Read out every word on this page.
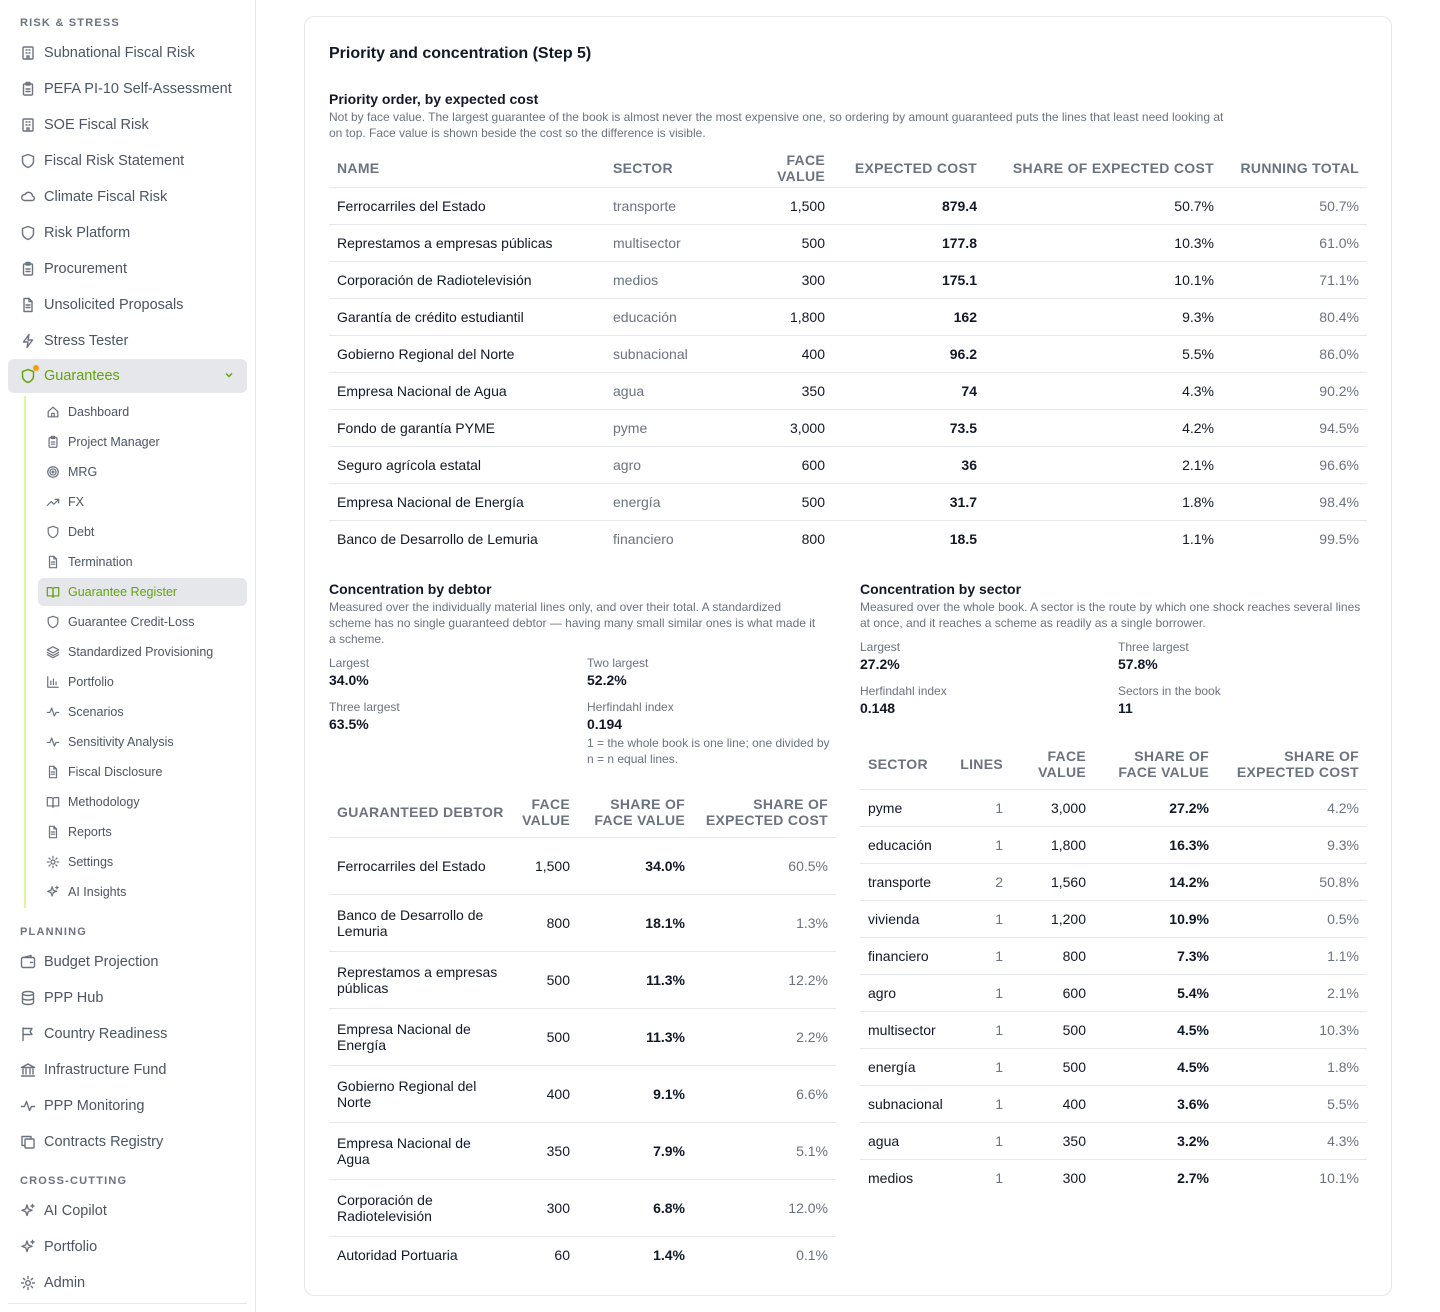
RISK & STRESS
Subnational Fiscal Risk
PEFA PI-10 Self-Assessment
SOE Fiscal Risk
Fiscal Risk Statement
Climate Fiscal Risk
Risk Platform
Procurement
Unsolicited Proposals
Stress Tester
Guarantees
Dashboard
Project Manager
MRG
FX
Debt
Termination
Guarantee Register
Guarantee Credit-Loss
Standardized Provisioning
Portfolio
Scenarios
Sensitivity Analysis
Fiscal Disclosure
Methodology
Reports
Settings
AI Insights
PLANNING
Budget Projection
PPP Hub
Country Readiness
Infrastructure Fund
PPP Monitoring
Contracts Registry
CROSS-CUTTING
AI Copilot
Portfolio
Admin
Priority and concentration (Step 5)
Priority order, by expected cost
Not by face value. The largest guarantee of the book is almost never the most expensive one, so ordering by amount guaranteed puts the lines that least need looking at on top. Face value is shown beside the cost so the difference is visible.
NAME	SECTOR	FACE VALUE	EXPECTED COST	SHARE OF EXPECTED COST	RUNNING TOTAL
Ferrocarriles del Estado	transporte	1,500	879.4	50.7%	50.7%
Represtamos a empresas públicas	multisector	500	177.8	10.3%	61.0%
Corporación de Radiotelevisión	medios	300	175.1	10.1%	71.1%
Garantía de crédito estudiantil	educación	1,800	162	9.3%	80.4%
Gobierno Regional del Norte	subnacional	400	96.2	5.5%	86.0%
Empresa Nacional de Agua	agua	350	74	4.3%	90.2%
Fondo de garantía PYME	pyme	3,000	73.5	4.2%	94.5%
Seguro agrícola estatal	agro	600	36	2.1%	96.6%
Empresa Nacional de Energía	energía	500	31.7	1.8%	98.4%
Banco de Desarrollo de Lemuria	financiero	800	18.5	1.1%	99.5%
Concentration by debtor
Measured over the individually material lines only, and over their total. A standardized scheme has no single guaranteed debtor — having many small similar ones is what made it a scheme.
Largest
34.0%
Two largest
52.2%
Three largest
63.5%
Herfindahl index
0.194
1 = the whole book is one line; one divided by n = n equal lines.
GUARANTEED DEBTOR	FACE VALUE	SHARE OF FACE VALUE	SHARE OF EXPECTED COST
Ferrocarriles del Estado	1,500	34.0%	60.5%
Banco de Desarrollo de Lemuria	800	18.1%	1.3%
Represtamos a empresas públicas	500	11.3%	12.2%
Empresa Nacional de Energía	500	11.3%	2.2%
Gobierno Regional del Norte	400	9.1%	6.6%
Empresa Nacional de Agua	350	7.9%	5.1%
Corporación de Radiotelevisión	300	6.8%	12.0%
Autoridad Portuaria	60	1.4%	0.1%
Concentration by sector
Measured over the whole book. A sector is the route by which one shock reaches several lines at once, and it reaches a scheme as readily as a single borrower.
Largest
27.2%
Three largest
57.8%
Herfindahl index
0.148
Sectors in the book
11
SECTOR	LINES	FACE VALUE	SHARE OF FACE VALUE	SHARE OF EXPECTED COST
pyme	1	3,000	27.2%	4.2%
educación	1	1,800	16.3%	9.3%
transporte	2	1,560	14.2%	50.8%
vivienda	1	1,200	10.9%	0.5%
financiero	1	800	7.3%	1.1%
agro	1	600	5.4%	2.1%
multisector	1	500	4.5%	10.3%
energía	1	500	4.5%	1.8%
subnacional	1	400	3.6%	5.5%
agua	1	350	3.2%	4.3%
medios	1	300	2.7%	10.1%
